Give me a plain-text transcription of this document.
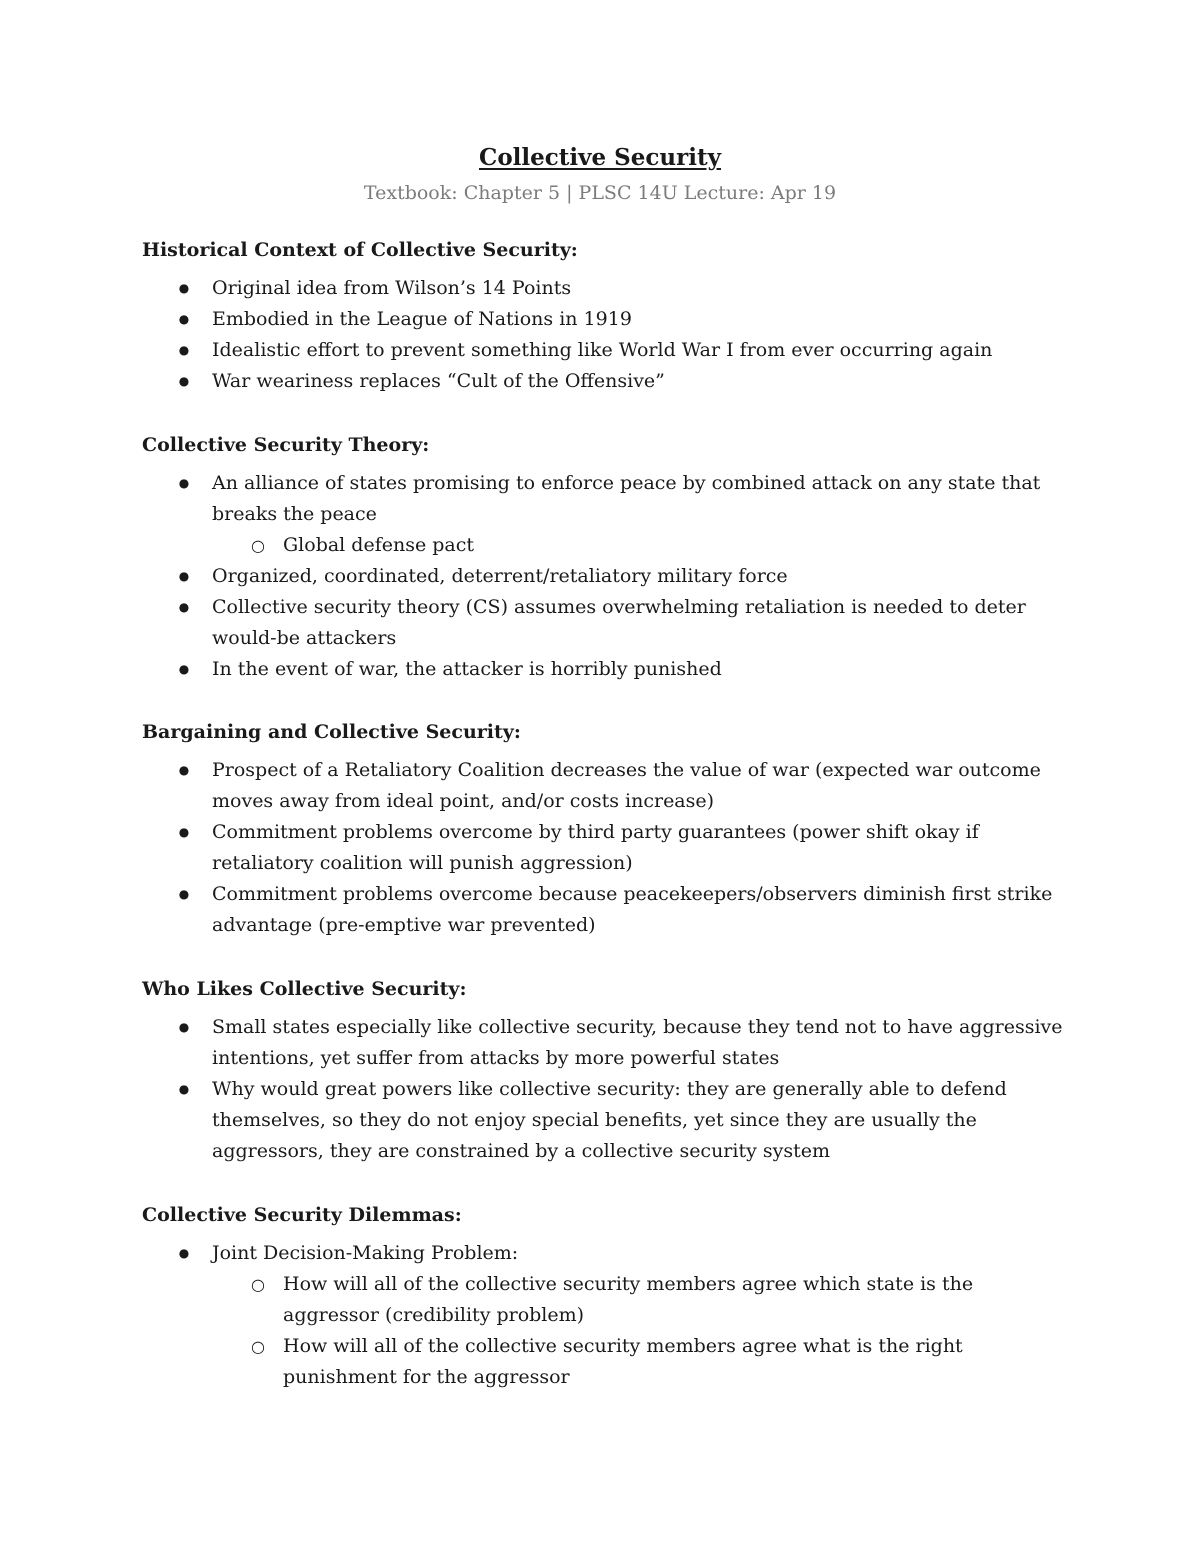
Collective Security
Textbook: Chapter 5 | PLSC 14U Lecture: Apr 19
Historical Context of Collective Security:
● Original idea from Wilson’s 14 Points
● Embodied in the League of Nations in 1919
● Idealistic effort to prevent something like World War I from ever occurring again
● War weariness replaces “Cult of the Offensive”
Collective Security Theory:
● An alliance of states promising to enforce peace by combined attack on any state that breaks the peace
○ Global defense pact
● Organized, coordinated, deterrent/retaliatory military force
● Collective security theory (CS) assumes overwhelming retaliation is needed to deter would-be attackers
● In the event of war, the attacker is horribly punished
Bargaining and Collective Security:
● Prospect of a Retaliatory Coalition decreases the value of war (expected war outcome moves away from ideal point, and/or costs increase)
● Commitment problems overcome by third party guarantees (power shift okay if retaliatory coalition will punish aggression)
● Commitment problems overcome because peacekeepers/observers diminish first strike advantage (pre-emptive war prevented)
Who Likes Collective Security:
● Small states especially like collective security, because they tend not to have aggressive intentions, yet suffer from attacks by more powerful states
● Why would great powers like collective security: they are generally able to defend themselves, so they do not enjoy special benefits, yet since they are usually the aggressors, they are constrained by a collective security system
Collective Security Dilemmas:
● Joint Decision-Making Problem:
○ How will all of the collective security members agree which state is the aggressor (credibility problem)
○ How will all of the collective security members agree what is the right punishment for the aggressor
